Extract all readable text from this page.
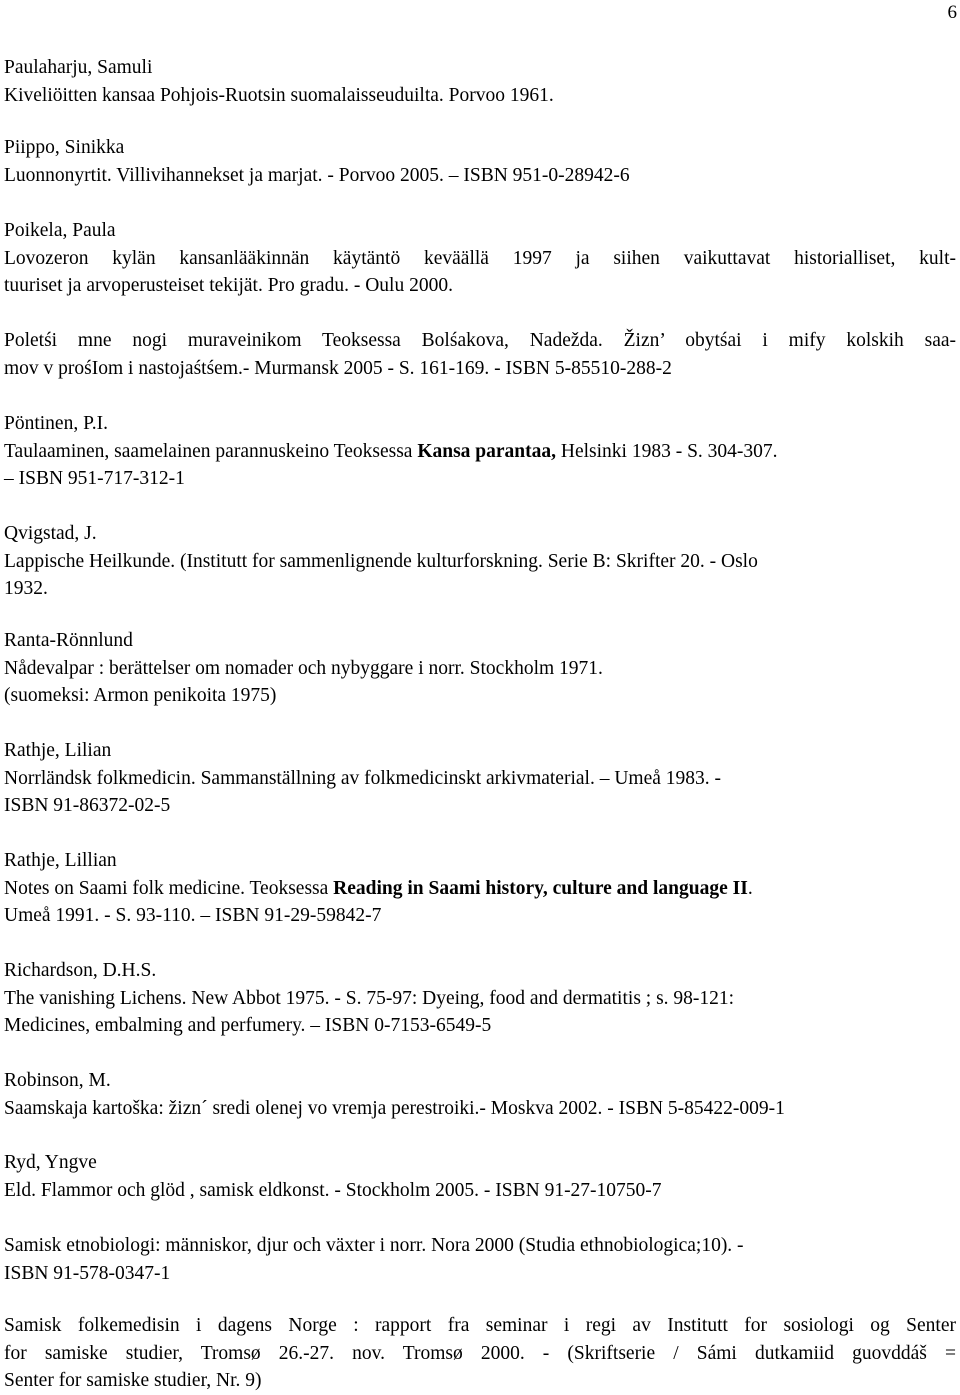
6
Paulaharju, Samuli
Kiveliöitten kansaa Pohjois-Ruotsin suomalaisseuduilta. Porvoo 1961.
Piippo, Sinikka
Luonnonyrtit. Villivihannekset ja marjat. - Porvoo 2005. – ISBN 951-0-28942-6
Poikela, Paula
Lovozeron kylän kansanlääkinnän käytäntö keväällä 1997 ja siihen vaikuttavat historialliset, kult-
tuuriset ja arvoperusteiset tekijät. Pro gradu. - Oulu 2000.
Poletśi mne nogi muraveinikom Teoksessa Bolśakova, Nadežda. Žizn’ obytśai i mify kolskih saa-
mov v prośIom i nastojaśtśem.- Murmansk 2005 - S. 161-169. - ISBN 5-85510-288-2
Pöntinen, P.I.
Taulaaminen, saamelainen parannuskeino Teoksessa Kansa parantaa, Helsinki 1983 - S. 304-307.
– ISBN 951-717-312-1
Qvigstad, J.
Lappische Heilkunde. (Institutt for sammenlignende kulturforskning. Serie B: Skrifter 20. - Oslo
1932.
Ranta-Rönnlund
Nådevalpar : berättelser om nomader och nybyggare i norr. Stockholm 1971.
(suomeksi: Armon penikoita 1975)
Rathje, Lilian
Norrländsk folkmedicin. Sammanställning av folkmedicinskt arkivmaterial. – Umeå 1983. -
ISBN 91-86372-02-5
Rathje, Lillian
Notes on Saami folk medicine. Teoksessa Reading in Saami history, culture and language II.
Umeå 1991. - S. 93-110. – ISBN 91-29-59842-7
Richardson, D.H.S.
The vanishing Lichens. New Abbot 1975. - S. 75-97: Dyeing, food and dermatitis ; s. 98-121:
Medicines, embalming and perfumery. – ISBN 0-7153-6549-5
Robinson, M.
Saamskaja kartoška: žizn´ sredi olenej vo vremja perestroiki.- Moskva 2002. - ISBN 5-85422-009-1
Ryd, Yngve
Eld. Flammor och glöd , samisk eldkonst. - Stockholm 2005. - ISBN 91-27-10750-7
Samisk etnobiologi: människor, djur och växter i norr. Nora 2000 (Studia ethnobiologica;10). -
ISBN 91-578-0347-1
Samisk folkemedisin i dagens Norge : rapport fra seminar i regi av Institutt for sosiologi og Senter
for samiske studier, Tromsø 26.-27. nov. Tromsø 2000. - (Skriftserie / Sámi dutkamiid guovddáš =
Senter for samiske studier, Nr. 9)
